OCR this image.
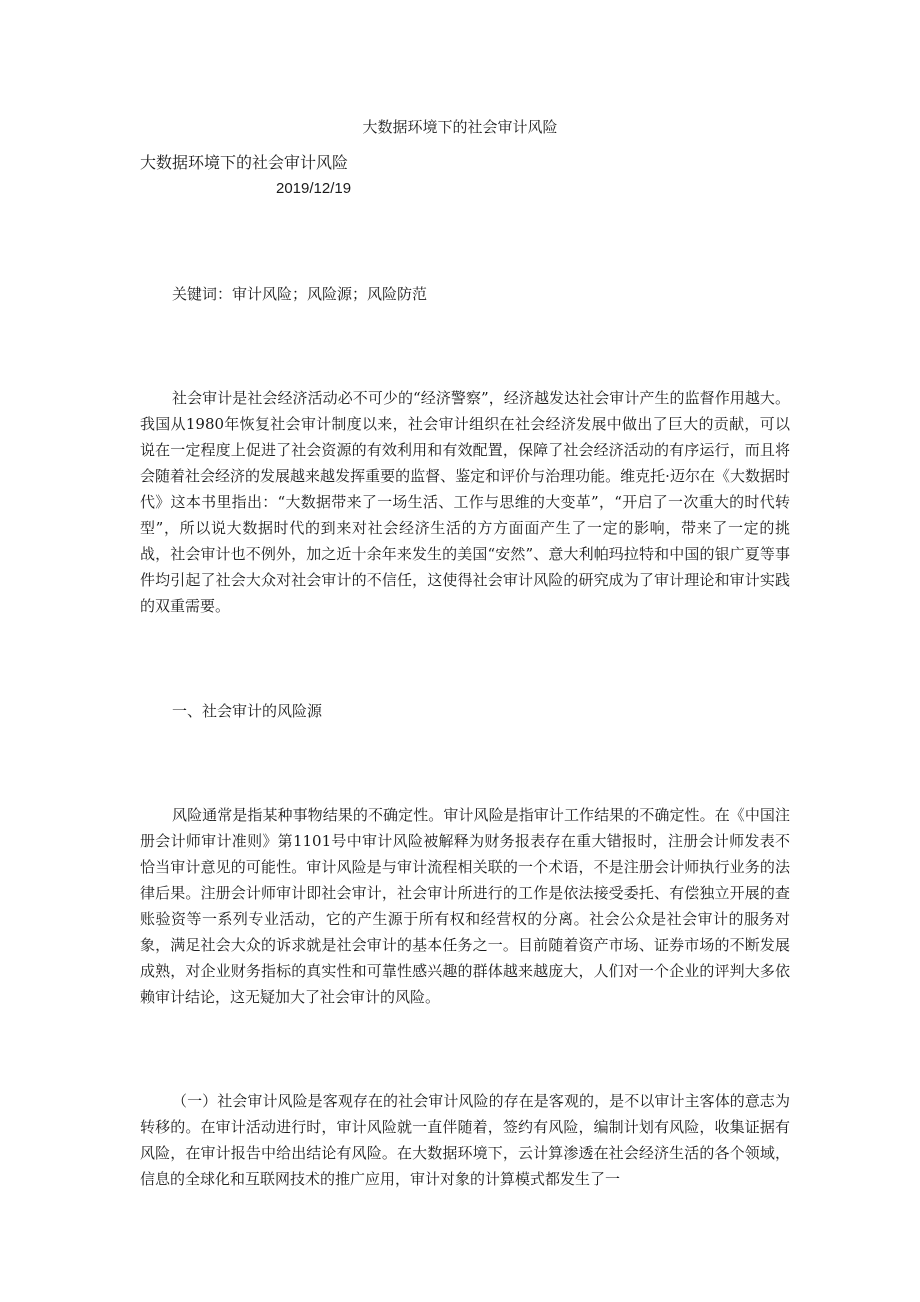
大数据环境下的社会审计风险
大数据环境下的社会审计风险
2019/12/19
关键词：审计风险；风险源；风险防范

社会审计是社会经济活动必不可少的“经济警察”，经济越发达社会审计产生的监督作用越大。我国从1980年恢复社会审计制度以来，社会审计组织在社会经济发展中做出了巨大的贡献，可以说在一定程度上促进了社会资源的有效利用和有效配置，保障了社会经济活动的有序运行，而且将会随着社会经济的发展越来越发挥重要的监督、鉴定和评价与治理功能。维克托·迈尔在《大数据时代》这本书里指出：“大数据带来了一场生活、工作与思维的大变革”，“开启了一次重大的时代转型”，所以说大数据时代的到来对社会经济生活的方方面面产生了一定的影响，带来了一定的挑战，社会审计也不例外，加之近十余年来发生的美国“安然”、意大利帕玛拉特和中国的银广夏等事件均引起了社会大众对社会审计的不信任，这使得社会审计风险的研究成为了审计理论和审计实践的双重需要。

一、社会审计的风险源

风险通常是指某种事物结果的不确定性。审计风险是指审计工作结果的不确定性。在《中国注册会计师审计准则》第1101号中审计风险被解释为财务报表存在重大错报时，注册会计师发表不恰当审计意见的可能性。审计风险是与审计流程相关联的一个术语，不是注册会计师执行业务的法律后果。注册会计师审计即社会审计，社会审计所进行的工作是依法接受委托、有偿独立开展的查账验资等一系列专业活动，它的产生源于所有权和经营权的分离。社会公众是社会审计的服务对象，满足社会大众的诉求就是社会审计的基本任务之一。目前随着资产市场、证券市场的不断发展成熟，对企业财务指标的真实性和可靠性感兴趣的群体越来越庞大，人们对一个企业的评判大多依赖审计结论，这无疑加大了社会审计的风险。

（一）社会审计风险是客观存在的社会审计风险的存在是客观的，是不以审计主客体的意志为转移的。在审计活动进行时，审计风险就一直伴随着，签约有风险，编制计划有风险，收集证据有风险，在审计报告中给出结论有风险。在大数据环境下，云计算渗透在社会经济生活的各个领域，信息的全球化和互联网技术的推广应用，审计对象的计算模式都发生了一
